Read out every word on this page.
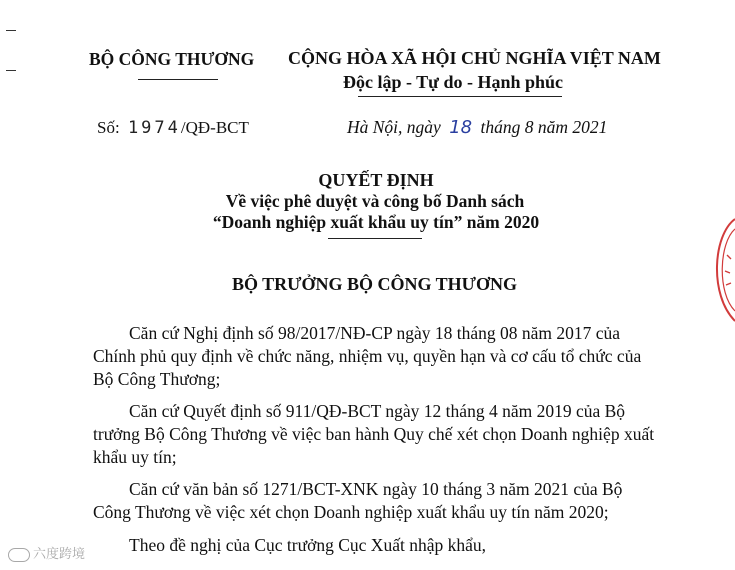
BỘ CÔNG THƯƠNG CỘNG HÒA XÃ HỘI CHỦ NGHĨA VIỆT NAM
Độc lập - Tự do - Hạnh phúc
Số: 1974/QĐ-BCT	Hà Nội, ngày 18 tháng 8 năm 2021
QUYẾT ĐỊNH
Về việc phê duyệt và công bố Danh sách
“Doanh nghiệp xuất khẩu uy tín” năm 2020
BỘ TRƯỞNG BỘ CÔNG THƯƠNG
Căn cứ Nghị định số 98/2017/NĐ-CP ngày 18 tháng 08 năm 2017 của
Chính phủ quy định về chức năng, nhiệm vụ, quyền hạn và cơ cấu tổ chức của
Bộ Công Thương;
Căn cứ Quyết định số 911/QĐ-BCT ngày 12 tháng 4 năm 2019 của Bộ
trưởng Bộ Công Thương về việc ban hành Quy chế xét chọn Doanh nghiệp xuất
khẩu uy tín;
Căn cứ văn bản số 1271/BCT-XNK ngày 10 tháng 3 năm 2021 của Bộ
Công Thương về việc xét chọn Doanh nghiệp xuất khẩu uy tín năm 2020;
Theo đề nghị của Cục trưởng Cục Xuất nhập khẩu,
六度跨境
